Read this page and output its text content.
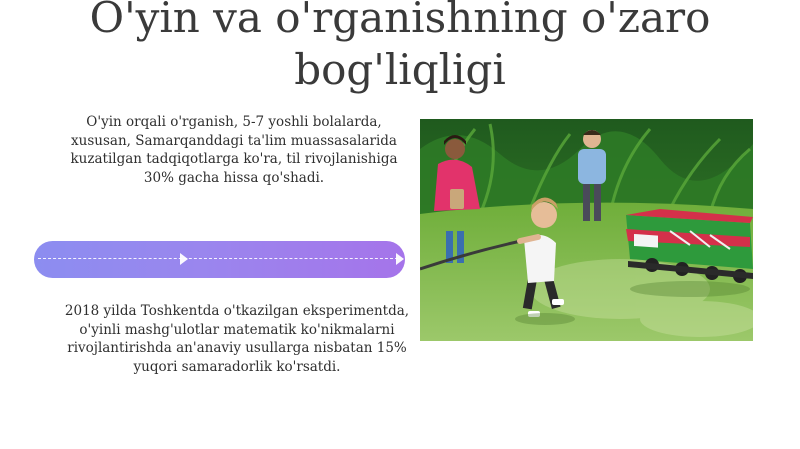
O'yin va o'rganishning o'zaro bog'liqligi

O'yin orqali o'rganish, 5-7 yoshli bolalarda, xususan, Samarqanddagi ta'lim muassasalarida kuzatilgan tadqiqotlarga ko'ra, til rivojlanishiga 30% gacha hissa qo'shadi.

2018 yilda Toshkentda o'tkazilgan eksperimentda, o'yinli mashg'ulotlar matematik ko'nikmalarni rivojlantirishda an'anaviy usullarga nisbatan 15% yuqori samaradorlik ko'rsatdi.
